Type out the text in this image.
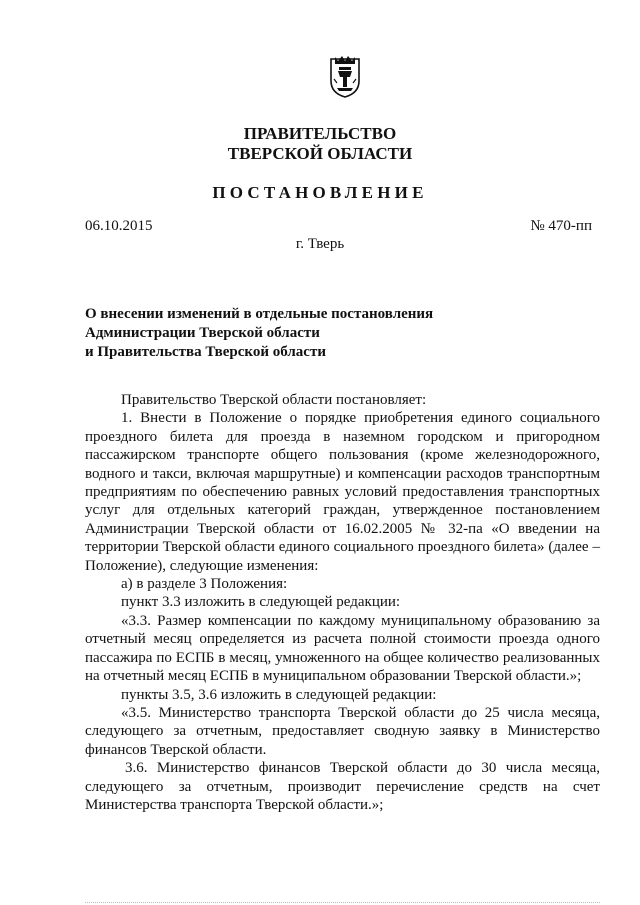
ПРАВИТЕЛЬСТВО
ТВЕРСКОЙ ОБЛАСТИ
ПОСТАНОВЛЕНИЕ
06.10.2015	№ 470-пп
г. Тверь
О внесении изменений в отдельные постановления
Администрации Тверской области
и Правительства Тверской области

Правительство Тверской области постановляет:

1. Внести в Положение о порядке приобретения единого социального проездного билета для проезда в наземном городском и пригородном пассажирском транспорте общего пользования (кроме железнодорожного, водного и такси, включая маршрутные) и компенсации расходов транспортным предприятиям по обеспечению равных условий предоставления транспортных услуг для отдельных категорий граждан, утвержденное постановлением Администрации Тверской области от 16.02.2005 № 32-па «О введении на территории Тверской области единого социального проездного билета» (далее – Положение), следующие изменения:

а) в разделе 3 Положения:

пункт 3.3 изложить в следующей редакции:

«3.3. Размер компенсации по каждому муниципальному образованию за отчетный месяц определяется из расчета полной стоимости проезда одного пассажира по ЕСПБ в месяц, умноженного на общее количество реализованных на отчетный месяц ЕСПБ в муниципальном образовании Тверской области.»;

пункты 3.5, 3.6 изложить в следующей редакции:

«3.5. Министерство транспорта Тверской области до 25 числа месяца, следующего за отчетным, предоставляет сводную заявку в Министерство финансов Тверской области.

3.6. Министерство финансов Тверской области до 30 числа месяца, следующего за отчетным, производит перечисление средств на счет Министерства транспорта Тверской области.»;
